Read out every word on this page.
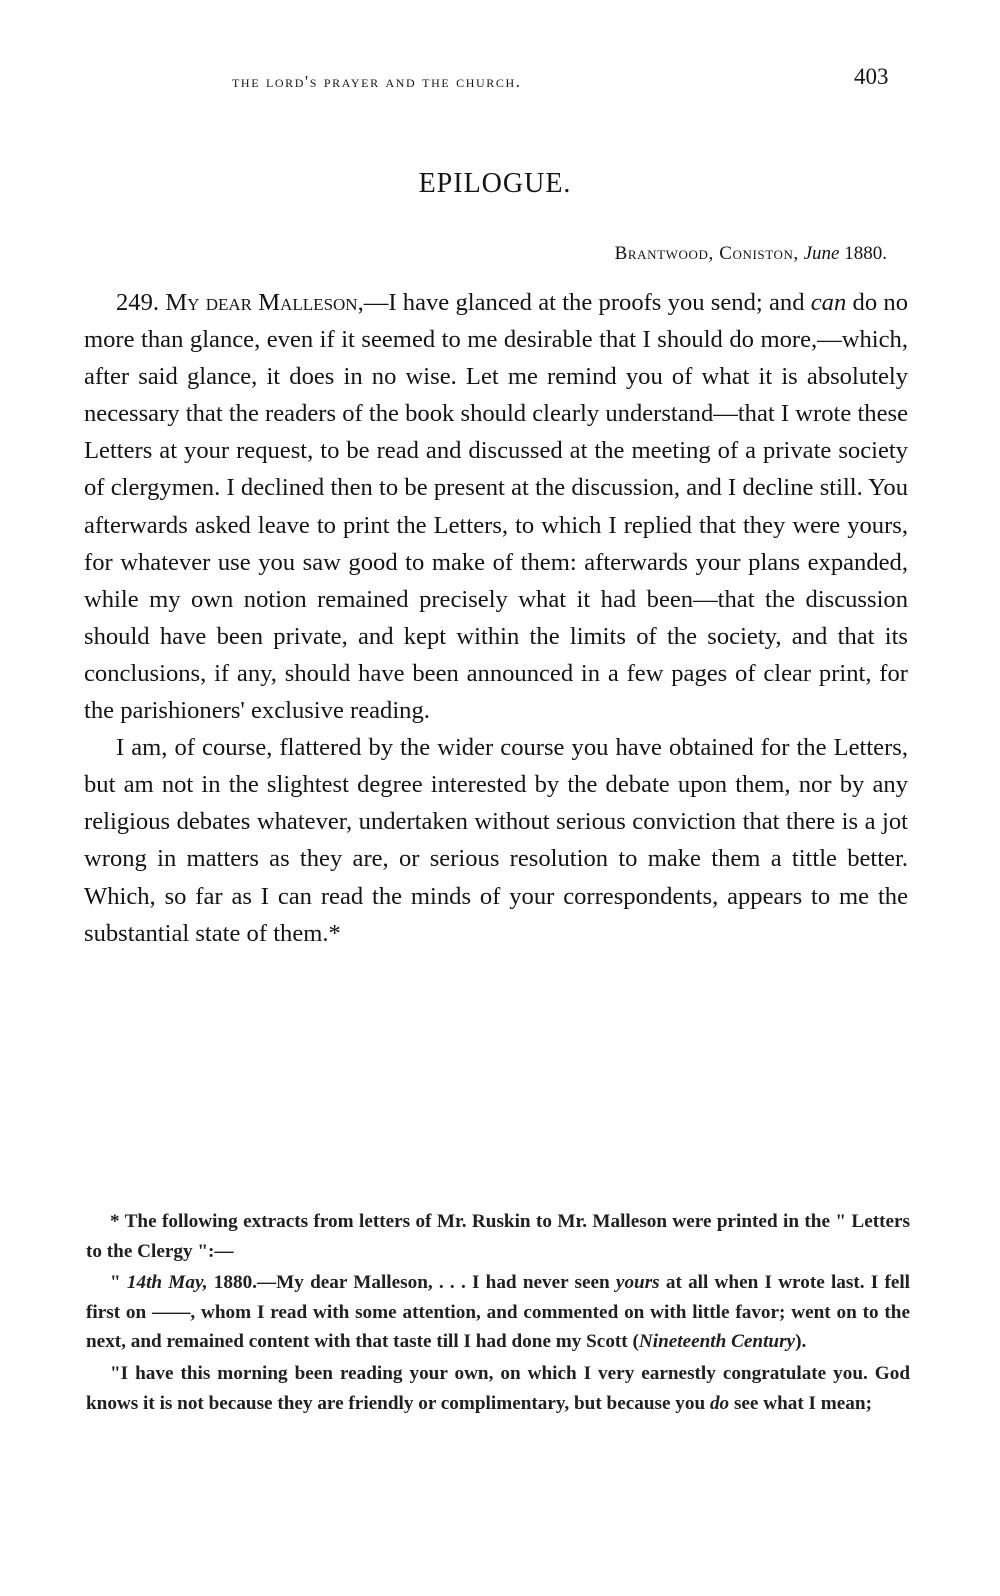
the lord's prayer and the church.	403
EPILOGUE.
Brantwood, Coniston, June 1880.

249. My dear Malleson,—I have glanced at the proofs you send; and can do no more than glance, even if it seemed to me desirable that I should do more,—which, after said glance, it does in no wise. Let me remind you of what it is absolutely necessary that the readers of the book should clearly understand—that I wrote these Letters at your request, to be read and discussed at the meeting of a private society of clergymen. I declined then to be present at the discussion, and I decline still. You afterwards asked leave to print the Letters, to which I replied that they were yours, for whatever use you saw good to make of them: afterwards your plans expanded, while my own notion remained precisely what it had been—that the discussion should have been private, and kept within the limits of the society, and that its conclusions, if any, should have been announced in a few pages of clear print, for the parishioners' exclusive reading.

I am, of course, flattered by the wider course you have obtained for the Letters, but am not in the slightest degree interested by the debate upon them, nor by any religious debates whatever, undertaken without serious conviction that there is a jot wrong in matters as they are, or serious resolution to make them a tittle better. Which, so far as I can read the minds of your correspondents, appears to me the substantial state of them.*

* The following extracts from letters of Mr. Ruskin to Mr. Malleson were printed in the " Letters to the Clergy ":—

" 14th May, 1880.—My dear Malleson, . . . I had never seen yours at all when I wrote last. I fell first on ——, whom I read with some attention, and commented on with little favor; went on to the next, and remained content with that taste till I had done my Scott (Nineteenth Century).

"I have this morning been reading your own, on which I very earnestly congratulate you. God knows it is not because they are friendly or complimentary, but because you do see what I mean;
